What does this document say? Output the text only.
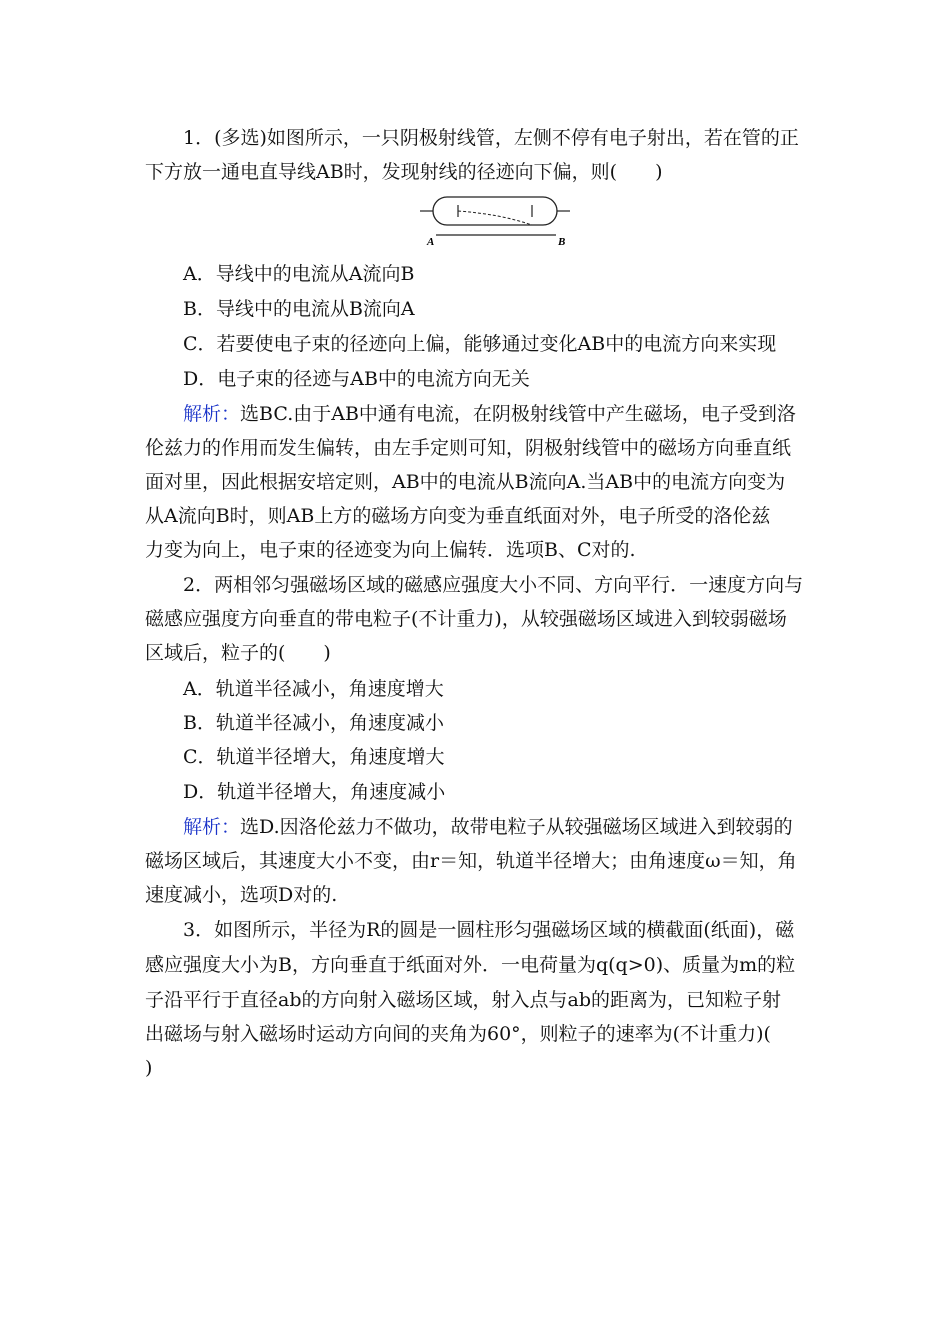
1．(多选)如图所示，一只阴极射线管，左侧不停有电子射出，若在管的正
下方放一通电直导线AB时，发现射线的径迹向下偏，则(　　)
A	B
A．导线中的电流从A流向B
B．导线中的电流从B流向A
C．若要使电子束的径迹向上偏，能够通过变化AB中的电流方向来实现
D．电子束的径迹与AB中的电流方向无关
解析：选BC.由于AB中通有电流，在阴极射线管中产生磁场，电子受到洛
伦兹力的作用而发生偏转，由左手定则可知，阴极射线管中的磁场方向垂直纸
面对里，因此根据安培定则，AB中的电流从B流向A.当AB中的电流方向变为
从A流向B时，则AB上方的磁场方向变为垂直纸面对外，电子所受的洛伦兹
力变为向上，电子束的径迹变为向上偏转．选项B、C对的.
2．两相邻匀强磁场区域的磁感应强度大小不同、方向平行．一速度方向与
磁感应强度方向垂直的带电粒子(不计重力)，从较强磁场区域进入到较弱磁场
区域后，粒子的(　　)
A．轨道半径减小，角速度增大
B．轨道半径减小，角速度减小
C．轨道半径增大，角速度增大
D．轨道半径增大，角速度减小
解析：选D.因洛伦兹力不做功，故带电粒子从较强磁场区域进入到较弱的
磁场区域后，其速度大小不变，由r＝知，轨道半径增大；由角速度ω＝知，角
速度减小，选项D对的.
3．如图所示，半径为R的圆是一圆柱形匀强磁场区域的横截面(纸面)，磁
感应强度大小为B，方向垂直于纸面对外．一电荷量为q(q>0)、质量为m的粒
子沿平行于直径ab的方向射入磁场区域，射入点与ab的距离为，已知粒子射
出磁场与射入磁场时运动方向间的夹角为60°，则粒子的速率为(不计重力)(
)
